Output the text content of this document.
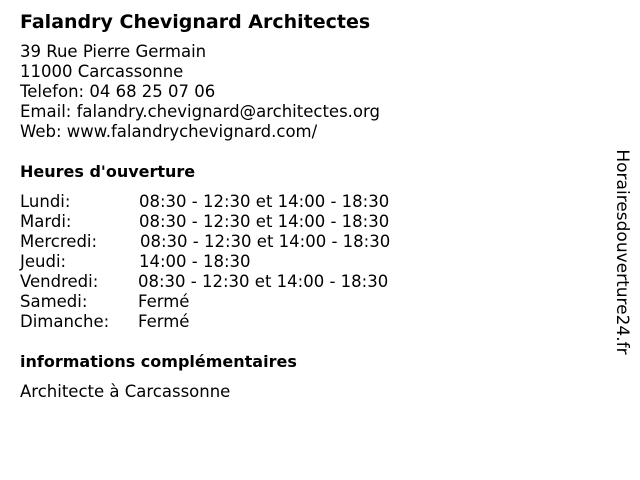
Falandry Chevignard Architectes
39 Rue Pierre Germain
11000 Carcassonne
Telefon: 04 68 25 07 06
Email: falandry.chevignard@architectes.org
Web: www.falandrychevignard.com/
Heures d'ouverture
Lundi:	08:30 - 12:30 et 14:00 - 18:30
Mardi:	08:30 - 12:30 et 14:00 - 18:30
Mercredi:	08:30 - 12:30 et 14:00 - 18:30
Jeudi:	14:00 - 18:30
Vendredi:	08:30 - 12:30 et 14:00 - 18:30
Samedi:	Fermé
Dimanche:	Fermé
informations complémentaires
Architecte à Carcassonne
Horairesdouverture24.fr
